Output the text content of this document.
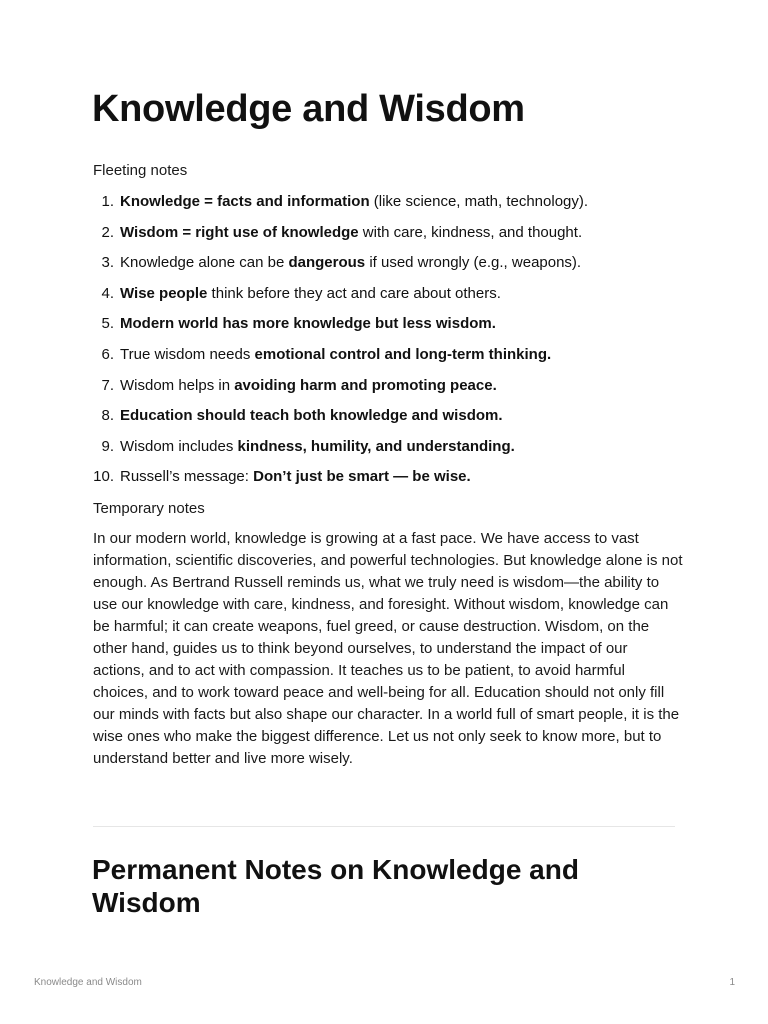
Knowledge and Wisdom

Fleeting notes

1. Knowledge = facts and information (like science, math, technology).
2. Wisdom = right use of knowledge with care, kindness, and thought.
3. Knowledge alone can be dangerous if used wrongly (e.g., weapons).
4. Wise people think before they act and care about others.
5. Modern world has more knowledge but less wisdom.
6. True wisdom needs emotional control and long-term thinking.
7. Wisdom helps in avoiding harm and promoting peace.
8. Education should teach both knowledge and wisdom.
9. Wisdom includes kindness, humility, and understanding.
10. Russell’s message: Don’t just be smart — be wise.

Temporary notes

In our modern world, knowledge is growing at a fast pace. We have access to vast information, scientific discoveries, and powerful technologies. But knowledge alone is not enough. As Bertrand Russell reminds us, what we truly need is wisdom—the ability to use our knowledge with care, kindness, and foresight. Without wisdom, knowledge can be harmful; it can create weapons, fuel greed, or cause destruction. Wisdom, on the other hand, guides us to think beyond ourselves, to understand the impact of our actions, and to act with compassion. It teaches us to be patient, to avoid harmful choices, and to work toward peace and well-being for all. Education should not only fill our minds with facts but also shape our character. In a world full of smart people, it is the wise ones who make the biggest difference. Let us not only seek to know more, but to understand better and live more wisely.

Permanent Notes on Knowledge and Wisdom
Knowledge and Wisdom	1
